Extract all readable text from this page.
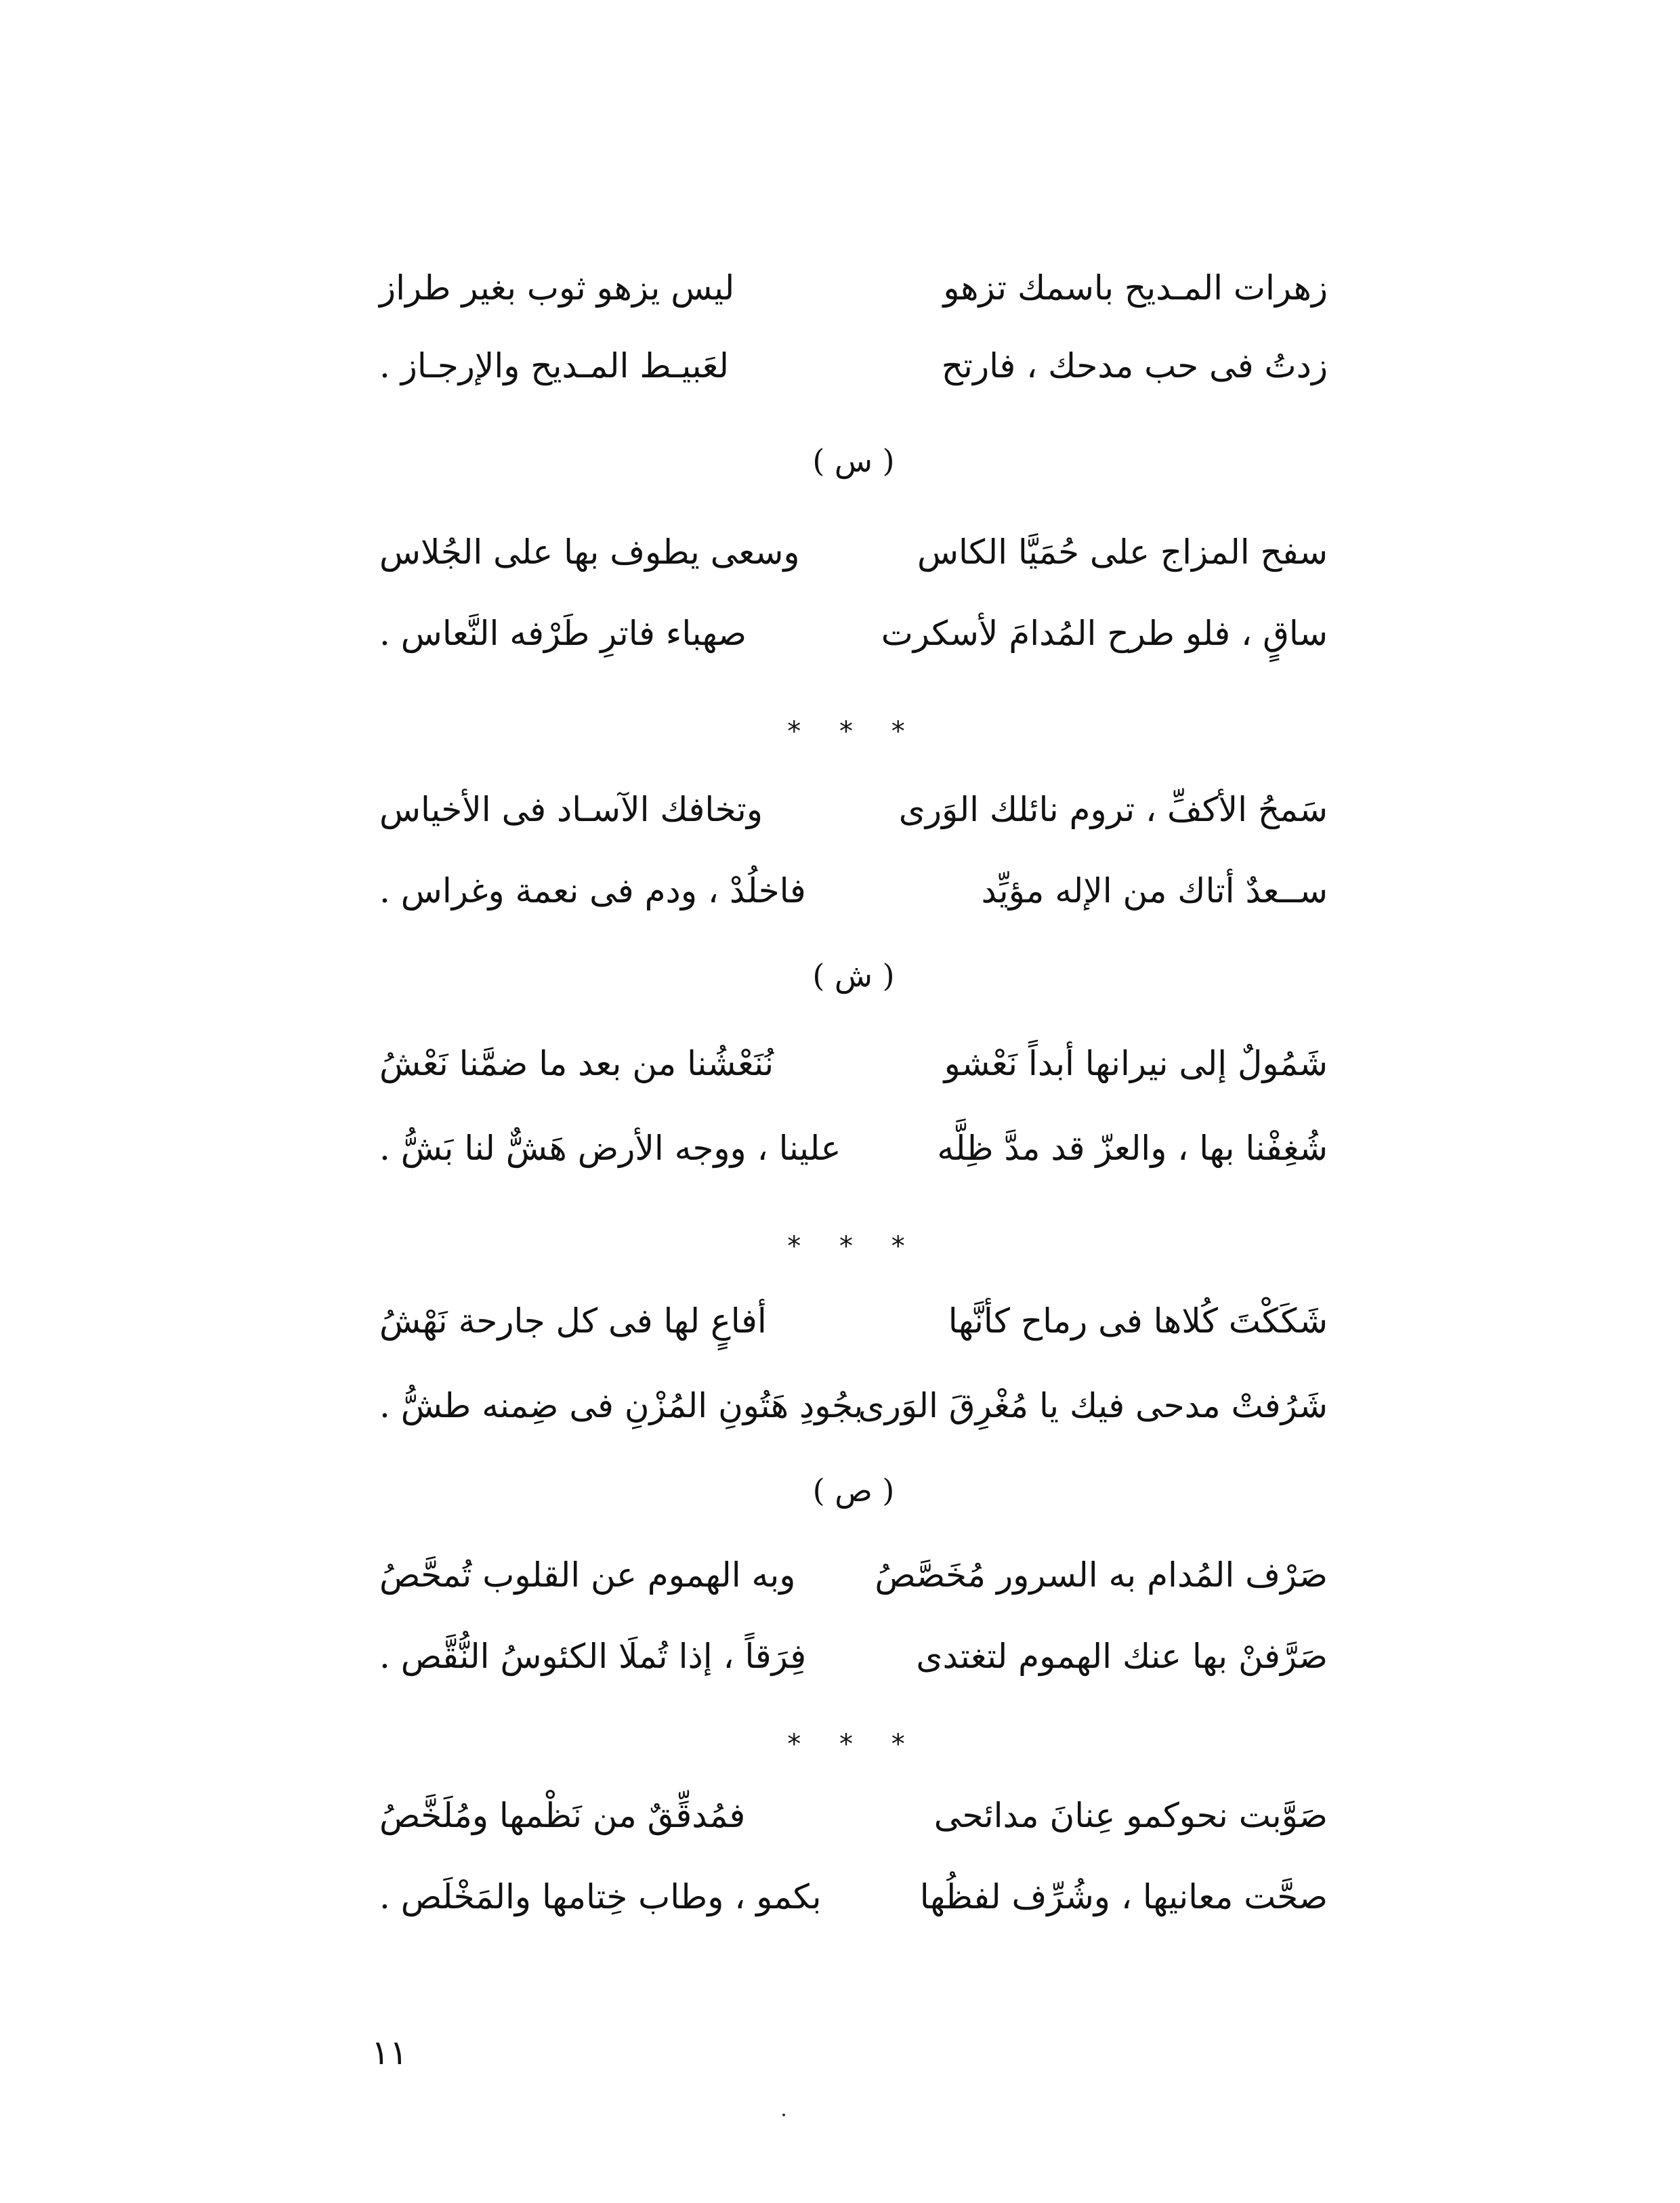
زهرات المـديح باسمك تزهو
ليس يزهو ثوب بغير طراز
زدتُ فى حب مدحك ، فارتح
لعَبيـط المـديح والإرجـاز .
( س )
سفح المزاج على حُمَيَّا الكاس
وسعى يطوف بها على الجُلاس
ساقٍ ، فلو طرح المُدامَ لأسكرت
صهباء فاترِ طَرْفه النَّعاس .
* * *
سَمحُ الأكفِّ ، تروم نائلك الوَرى
وتخافك الآسـاد فى الأخياس
ســعدٌ أتاك من الإله مؤيِّد
فاخلُدْ ، ودم فى نعمة وغراس .
( ش )
شَمُولٌ إلى نيرانها أبداً نَعْشو
نُنَعْشُنا من بعد ما ضمَّنا نَعْشُ
شُغِفْنا بها ، والعزّ قد مدَّ ظِلَّه
علينا ، ووجه الأرض هَشٌّ لنا بَشُّ .
* * *
شَكَكْتَ كُلاها فى رماح كأنَّها
أفاعٍ لها فى كل جارحة نَهْشُ
شَرُفتْ مدحى فيك يا مُغْرِقَ الوَرى
بجُودِ هَتُونِ المُزْنِ فى ضِمنه طشُّ .
( ص )
صَرْف المُدام به السرور مُخَصَّصُ
وبه الهموم عن القلوب تُمحَّصُ
صَرَّفنْ بها عنك الهموم لتغتدى
فِرَقاً ، إذا تُملَا الكئوسُ النُّقَّص .
* * *
صَوَّبت نحوكمو عِنانَ مدائحى
فمُدقِّقٌ من نَظْمها ومُلَخَّصُ
صحَّت معانيها ، وشُرِّف لفظُها
بكمو ، وطاب خِتامها والمَخْلَص .
١١
